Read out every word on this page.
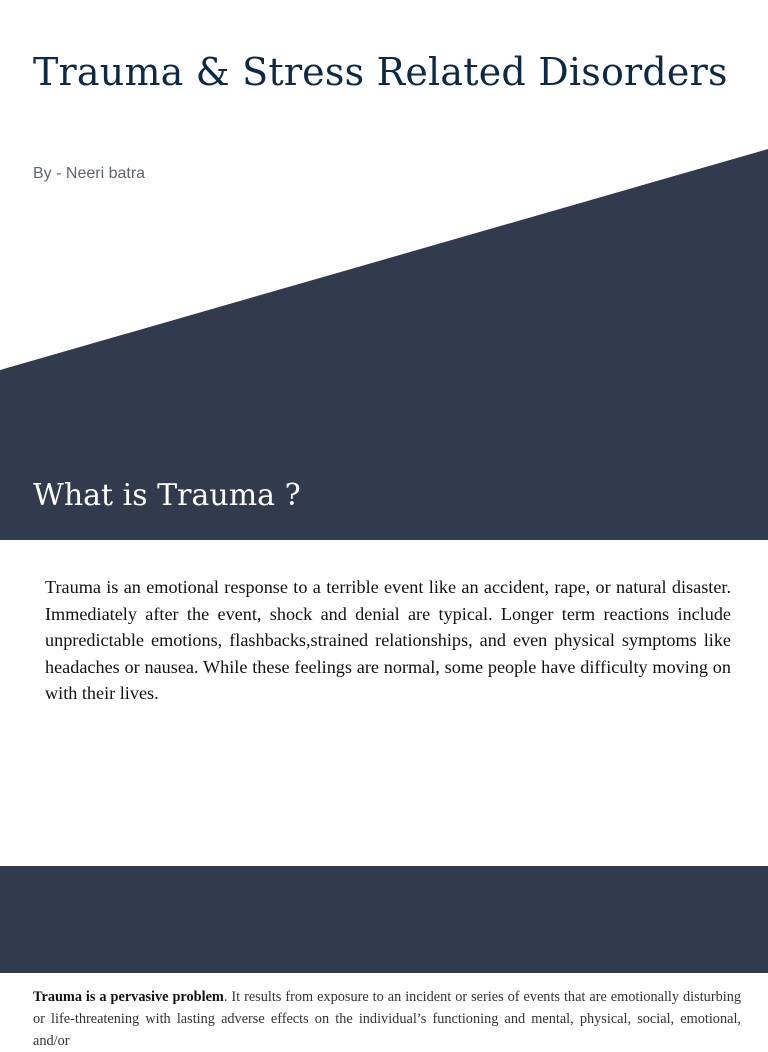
Trauma & Stress Related Disorders

By - Neeri batra

What is Trauma ?

Trauma is an emotional response to a terrible event like an accident, rape, or natural disaster. Immediately after the event, shock and denial are typical. Longer term reactions include unpredictable emotions, flashbacks,strained relationships, and even physical symptoms like headaches or nausea. While these feelings are normal, some people have difficulty moving on with their lives.

Trauma is a pervasive problem. It results from exposure to an incident or series of events that are emotionally disturbing or life-threatening with lasting adverse effects on the individual’s functioning and mental, physical, social, emotional, and/or
